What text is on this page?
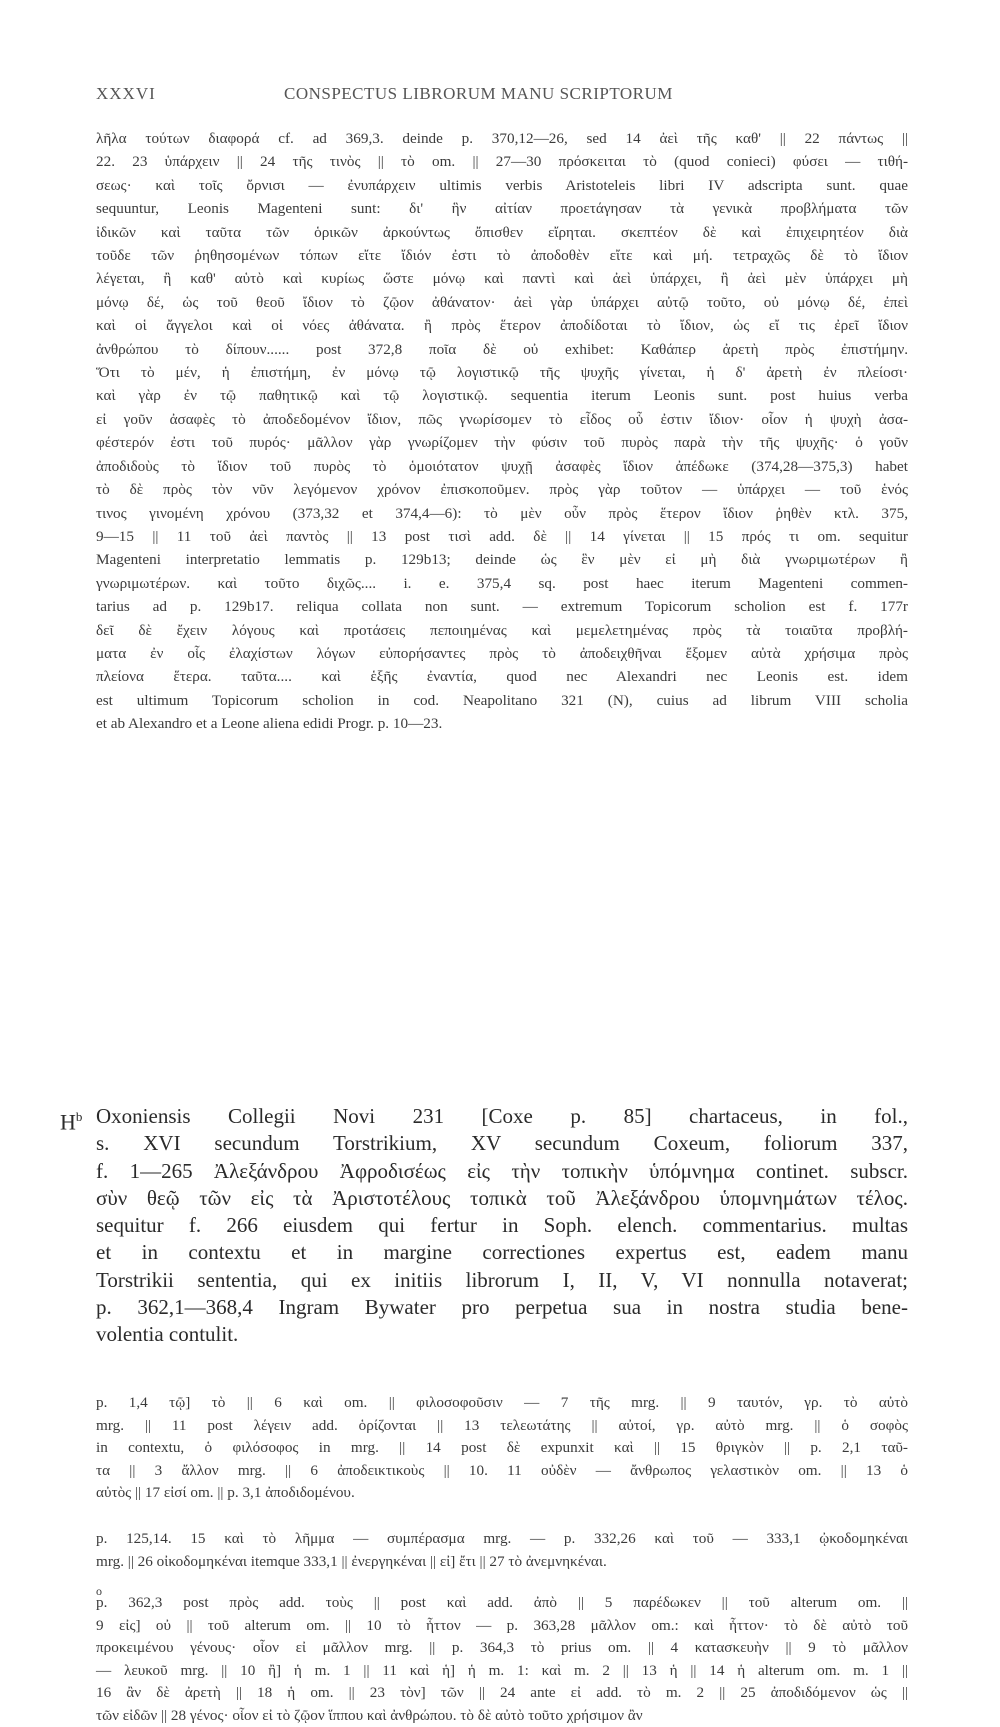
XXXVI	CONSPECTUS LIBRORUM MANU SCRIPTORUM
λῆλα τούτων διαφορά cf. ad 369,3. deinde p. 370,12—26, sed 14 ἀεὶ τῆς καθ' || 22 πάντως ||
22. 23 ὑπάρχειν || 24 τῆς τινὸς || τὸ om. || 27—30 πρόσκειται τὸ (quod conieci) φύσει — τιθή-
σεως· καὶ τοῖς ὄρνισι — ἐνυπάρχειν ultimis verbis Aristoteleis libri IV adscripta sunt. quae
sequuntur, Leonis Magenteni sunt: δι' ἣν αἰτίαν προετάγησαν τὰ γενικὰ προβλήματα τῶν
ἰδικῶν καὶ ταῦτα τῶν ὁρικῶν ἀρκούντως ὄπισθεν εἴρηται. σκεπτέον δὲ καὶ ἐπιχειρητέον διὰ
τοῦδε τῶν ῥηθησομένων τόπων εἴτε ἴδιόν ἐστι τὸ ἀποδοθὲν εἴτε καὶ μή. τετραχῶς δὲ τὸ ἴδιον
λέγεται, ἢ καθ' αὑτὸ καὶ κυρίως ὥστε μόνῳ καὶ παντὶ καὶ ἀεὶ ὑπάρχει, ἢ ἀεὶ μὲν ὑπάρχει μὴ
μόνῳ δέ, ὡς τοῦ θεοῦ ἴδιον τὸ ζῷον ἀθάνατον· ἀεὶ γὰρ ὑπάρχει αὐτῷ τοῦτο, οὐ μόνῳ δέ, ἐπεὶ
καὶ οἱ ἄγγελοι καὶ οἱ νόες ἀθάνατα. ἢ πρὸς ἕτερον ἀποδίδοται τὸ ἴδιον, ὡς εἴ τις ἐρεῖ ἴδιον
ἀνθρώπου τὸ δίπουν...... post 372,8 ποῖα δὲ οὐ exhibet: Καθάπερ ἀρετὴ πρὸς ἐπιστήμην.
Ὅτι τὸ μέν, ἡ ἐπιστήμη, ἐν μόνῳ τῷ λογιστικῷ τῆς ψυχῆς γίνεται, ἡ δ' ἀρετὴ ἐν πλείοσι·
καὶ γὰρ ἐν τῷ παθητικῷ καὶ τῷ λογιστικῷ. sequentia iterum Leonis sunt. post huius verba
εἰ γοῦν ἀσαφὲς τὸ ἀποδεδομένον ἴδιον, πῶς γνωρίσομεν τὸ εἶδος οὗ ἐστιν ἴδιον· οἷον ἡ ψυχὴ ἀσα-
φέστερόν ἐστι τοῦ πυρός· μᾶλλον γὰρ γνωρίζομεν τὴν φύσιν τοῦ πυρὸς παρὰ τὴν τῆς ψυχῆς· ὁ γοῦν
ἀποδιδοὺς τὸ ἴδιον τοῦ πυρὸς τὸ ὁμοιότατον ψυχῇ ἀσαφὲς ἴδιον ἀπέδωκε (374,28—375,3) habet
τὸ δὲ πρὸς τὸν νῦν λεγόμενον χρόνον ἐπισκοποῦμεν. πρὸς γὰρ τοῦτον — ὑπάρχει — τοῦ ἑνός
τινος γινομένη χρόνου (373,32 et 374,4—6): τὸ μὲν οὖν πρὸς ἕτερον ἴδιον ῥηθὲν κτλ. 375,
9—15 || 11 τοῦ ἀεὶ παντὸς || 13 post τισὶ add. δὲ || 14 γίνεται || 15 πρός τι om. sequitur
Magenteni interpretatio lemmatis p. 129b13; deinde ὡς ἓν μὲν εἰ μὴ διὰ γνωριμωτέρων ἢ
γνωριμωτέρων. καὶ τοῦτο διχῶς.... i. e. 375,4 sq. post haec iterum Magenteni commen-
tarius ad p. 129b17. reliqua collata non sunt. — extremum Topicorum scholion est f. 177r
δεῖ δὲ ἔχειν λόγους καὶ προτάσεις πεποιημένας καὶ μεμελετημένας πρὸς τὰ τοιαῦτα προβλή-
ματα ἐν οἷς ἐλαχίστων λόγων εὐπορήσαντες πρὸς τὸ ἀποδειχθῆναι ἕξομεν αὐτὰ χρήσιμα πρὸς
πλείονα ἕτερα. ταῦτα.... καὶ ἑξῆς ἐναντία, quod nec Alexandri nec Leonis est. idem
est ultimum Topicorum scholion in cod. Neapolitano 321 (N), cuius ad librum VIII scholia
et ab Alexandro et a Leone aliena edidi Progr. p. 10—23.
$H^b$ Oxoniensis Collegii Novi 231 [Coxe p. 85] chartaceus, in fol.,
s. XVI secundum Torstrikium, XV secundum Coxeum, foliorum 337,
f. 1—265 Ἀλεξάνδρου Ἀφροδισέως εἰς τὴν τοπικὴν ὑπόμνημα continet. subscr.
σὺν θεῷ τῶν εἰς τὰ Ἀριστοτέλους τοπικὰ τοῦ Ἀλεξάνδρου ὑπομνημάτων τέλος.
sequitur f. 266 eiusdem qui fertur in Soph. elench. commentarius. multas
et in contextu et in margine correctiones expertus est, eadem manu
Torstrikii sententia, qui ex initiis librorum I, II, V, VI nonnulla notaverat;
p. 362,1—368,4 Ingram Bywater pro perpetua sua in nostra studia bene-
volentia contulit.
p. 1,4 τῷ] τὸ || 6 καὶ om. || φιλοσοφοῦσιν — 7 τῆς mrg. || 9 ταυτόν, γρ. τὸ αὐτὸ
mrg. || 11 post λέγειν add. ὁρίζονται || 13 τελεωτάτης || αὐτοί, γρ. αὐτὸ mrg. || ὁ σοφὸς
in contextu, ὁ φιλόσοφος in mrg. || 14 post δὲ expunxit καὶ || 15 θριγκὸν || p. 2,1 ταῦ-
τα || 3 ἄλλον mrg. || 6 ἀποδεικτικοὺς || 10. 11 οὐδὲν — ἄνθρωπος γελαστικὸν om. || 13 ὁ
αὐτὸς || 17 εἰσί om. || p. 3,1 ἀποδιδομένου.
p. 125,14. 15 καὶ τὸ λῆμμα — συμπέρασμα mrg. — p. 332,26 καὶ τοῦ — 333,1 ᾠκοδομηκέναι
mrg. || 26 οἰκοδομηκέναι itemque 333,1 || ἐνεργηκέναι || εἰ] ἔτι || 27 τὸ ἀνεμνηκέναι.
ο
p. 362,3 post πρὸς add. τοὺς || post καὶ add. ἀπὸ || 5 παρέδωκεν || τοῦ alterum om. ||
9 εἰς] οὐ || τοῦ alterum om. || 10 τὸ ἧττον — p. 363,28 μᾶλλον om.: καὶ ἧττον· τὸ δὲ αὐτὸ τοῦ
προκειμένου γένους· οἷον εἰ μᾶλλον mrg. || p. 364,3 τὸ prius om. || 4 κατασκευὴν || 9 τὸ μᾶλλον
— λευκοῦ mrg. || 10 ἢ] ἡ m. 1 || 11 καὶ ἡ] ἡ m. 1: καὶ m. 2 || 13 ἡ || 14 ἡ alterum om. m. 1 ||
16 ἂν δὲ ἀρετὴ || 18 ἡ om. || 23 τὸν] τῶν || 24 ante εἰ add. τὸ m. 2 || 25 ἀποδιδόμενον ὡς ||
τῶν εἰδῶν || 28 γένος· οἷον εἰ τὸ ζῷον ἵππου καὶ ἀνθρώπου. τὸ δὲ αὐτὸ τοῦτο χρήσιμον ἂν
